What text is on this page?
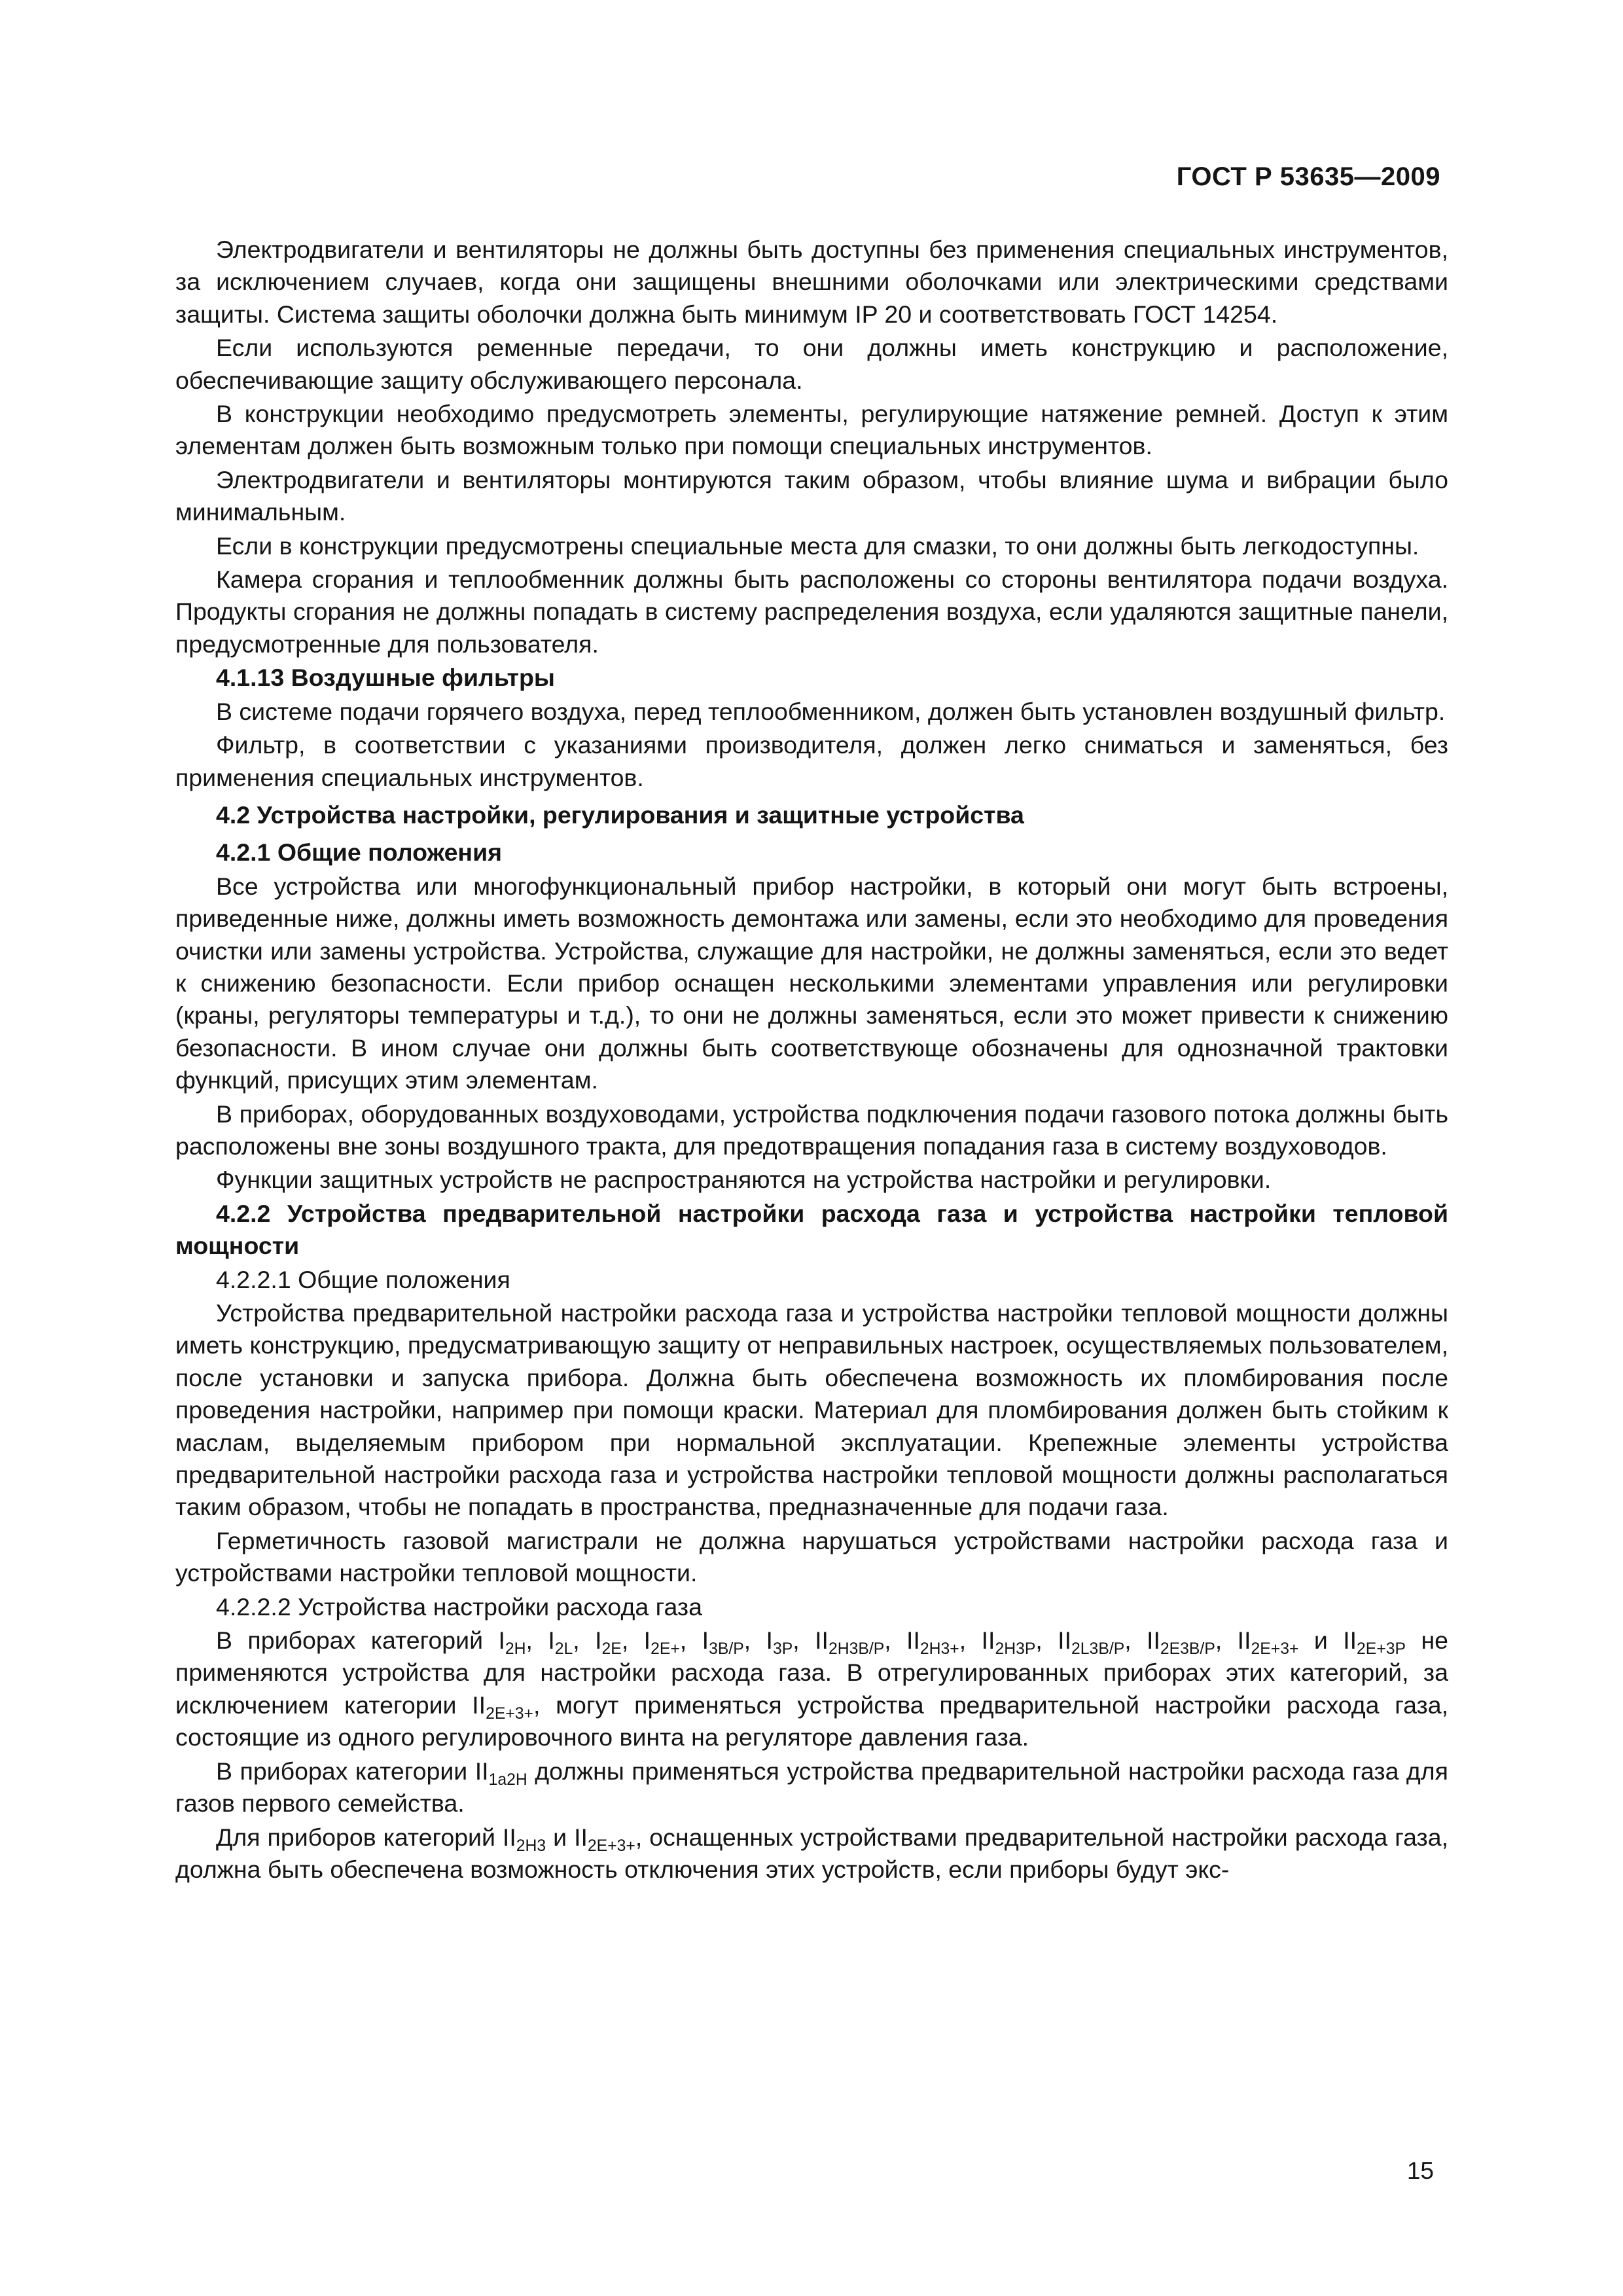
ГОСТ Р 53635—2009

Электродвигатели и вентиляторы не должны быть доступны без применения специальных инструментов, за исключением случаев, когда они защищены внешними оболочками или электрическими средствами защиты. Система защиты оболочки должна быть минимум IP 20 и соответствовать ГОСТ 14254.

Если используются ременные передачи, то они должны иметь конструкцию и расположение, обеспечивающие защиту обслуживающего персонала.

В конструкции необходимо предусмотреть элементы, регулирующие натяжение ремней. Доступ к этим элементам должен быть возможным только при помощи специальных инструментов.

Электродвигатели и вентиляторы монтируются таким образом, чтобы влияние шума и вибрации было минимальным.

Если в конструкции предусмотрены специальные места для смазки, то они должны быть легкодоступны.

Камера сгорания и теплообменник должны быть расположены со стороны вентилятора подачи воздуха. Продукты сгорания не должны попадать в систему распределения воздуха, если удаляются защитные панели, предусмотренные для пользователя.

4.1.13 Воздушные фильтры

В системе подачи горячего воздуха, перед теплообменником, должен быть установлен воздушный фильтр.

Фильтр, в соответствии с указаниями производителя, должен легко сниматься и заменяться, без применения специальных инструментов.

4.2 Устройства настройки, регулирования и защитные устройства

4.2.1 Общие положения

Все устройства или многофункциональный прибор настройки, в который они могут быть встроены, приведенные ниже, должны иметь возможность демонтажа или замены, если это необходимо для проведения очистки или замены устройства. Устройства, служащие для настройки, не должны заменяться, если это ведет к снижению безопасности. Если прибор оснащен несколькими элементами управления или регулировки (краны, регуляторы температуры и т.д.), то они не должны заменяться, если это может привести к снижению безопасности. В ином случае они должны быть соответствующе обозначены для однозначной трактовки функций, присущих этим элементам.

В приборах, оборудованных воздуховодами, устройства подключения подачи газового потока должны быть расположены вне зоны воздушного тракта, для предотвращения попадания газа в систему воздуховодов.

Функции защитных устройств не распространяются на устройства настройки и регулировки.

4.2.2 Устройства предварительной настройки расхода газа и устройства настройки тепловой мощности

4.2.2.1 Общие положения

Устройства предварительной настройки расхода газа и устройства настройки тепловой мощности должны иметь конструкцию, предусматривающую защиту от неправильных настроек, осуществляемых пользователем, после установки и запуска прибора. Должна быть обеспечена возможность их пломбирования после проведения настройки, например при помощи краски. Материал для пломбирования должен быть стойким к маслам, выделяемым прибором при нормальной эксплуатации. Крепежные элементы устройства предварительной настройки расхода газа и устройства настройки тепловой мощности должны располагаться таким образом, чтобы не попадать в пространства, предназначенные для подачи газа.

Герметичность газовой магистрали не должна нарушаться устройствами настройки расхода газа и устройствами настройки тепловой мощности.

4.2.2.2 Устройства настройки расхода газа

В приборах категорий $I_{2H}$, $I_{2L}$, $I_{2E}$, $I_{2E+}$, $I_{3B/P}$, $I_{3P}$, $II_{2H3B/P}$, $II_{2H3+}$, $II_{2H3P}$, $II_{2L3B/P}$, $II_{2E3B/P}$, $II_{2E+3+}$ и $II_{2E+3P}$ не применяются устройства для настройки расхода газа. В отрегулированных приборах этих категорий, за исключением категории $II_{2E+3+}$, могут применяться устройства предварительной настройки расхода газа, состоящие из одного регулировочного винта на регуляторе давления газа.

В приборах категории $II_{1a2H}$ должны применяться устройства предварительной настройки расхода газа для газов первого семейства.

Для приборов категорий $II_{2H3}$ и $II_{2E+3+}$, оснащенных устройствами предварительной настройки расхода газа, должна быть обеспечена возможность отключения этих устройств, если приборы будут экс-

15
